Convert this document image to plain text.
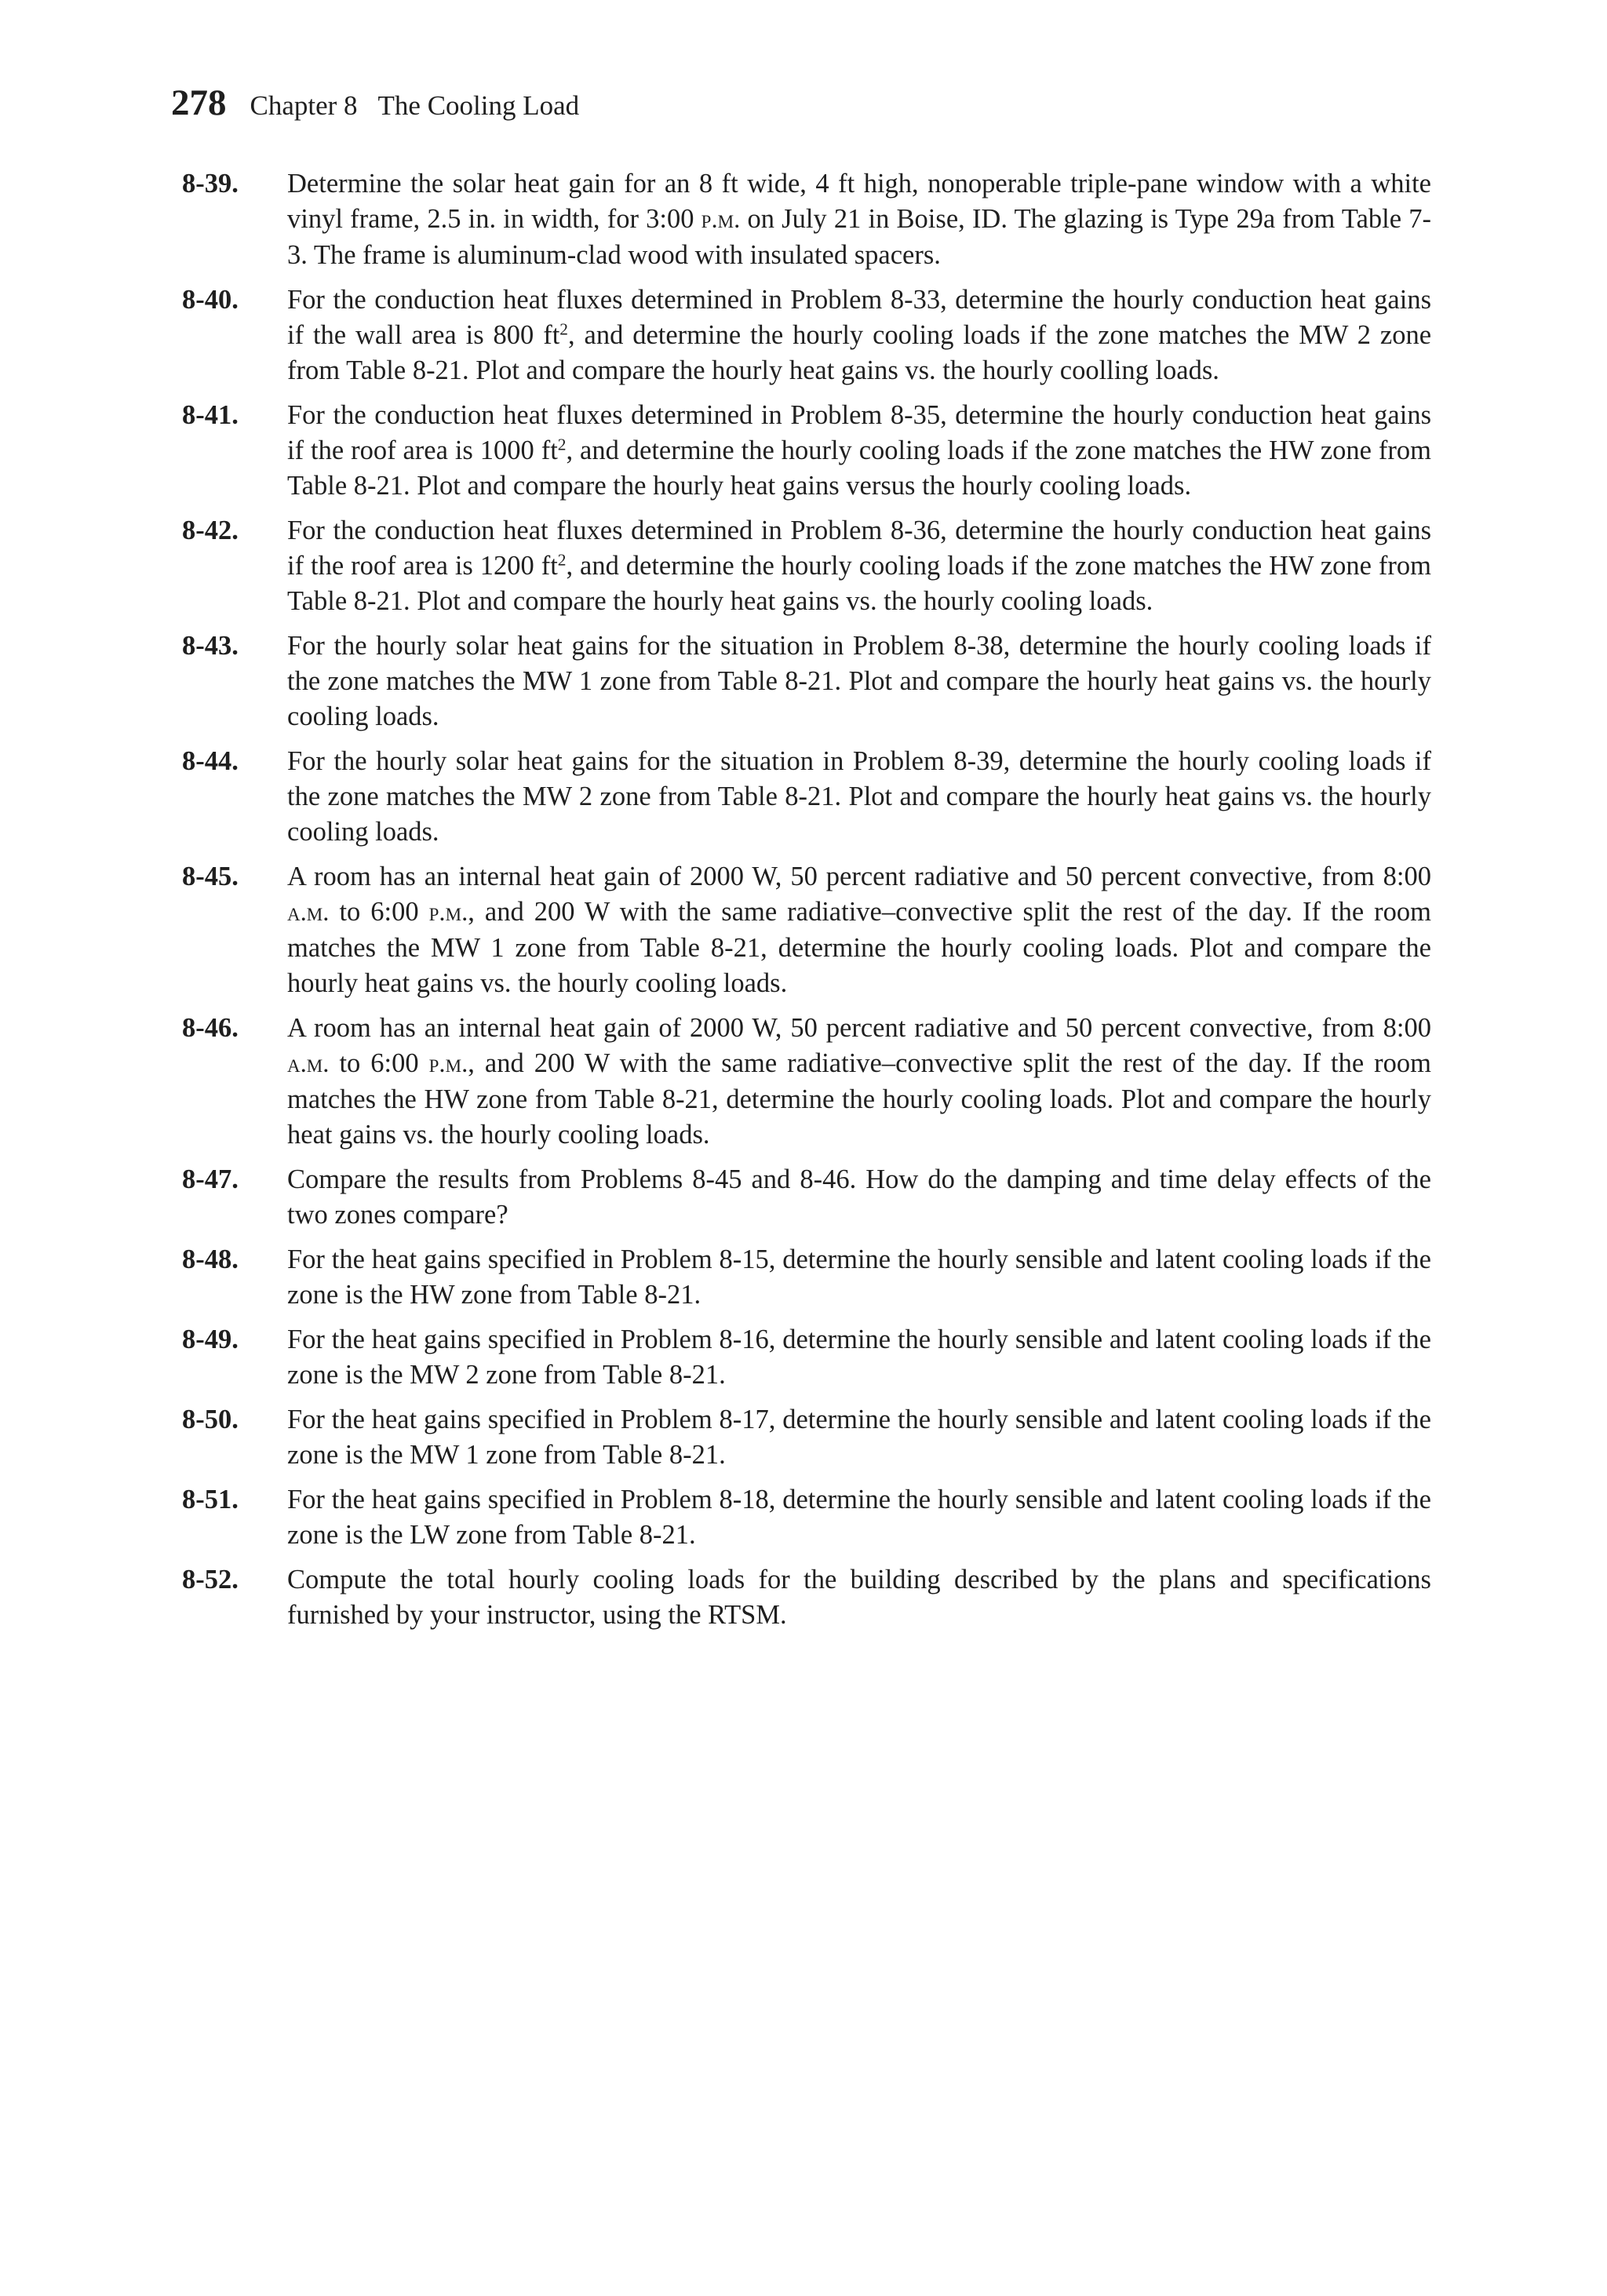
278 Chapter 8 The Cooling Load
8-39.	Determine the solar heat gain for an 8 ft wide, 4 ft high, nonoperable triple-pane window with a white vinyl frame, 2.5 in. in width, for 3:00 p.m. on July 21 in Boise, ID. The glazing is Type 29a from Table 7-3. The frame is aluminum-clad wood with insulated spacers.

8-40.	For the conduction heat fluxes determined in Problem 8-33, determine the hourly conduction heat gains if the wall area is 800 $ft^2$, and determine the hourly cooling loads if the zone matches the MW 2 zone from Table 8-21. Plot and compare the hourly heat gains vs. the hourly coolling loads.

8-41.	For the conduction heat fluxes determined in Problem 8-35, determine the hourly conduction heat gains if the roof area is 1000 $ft^2$, and determine the hourly cooling loads if the zone matches the HW zone from Table 8-21. Plot and compare the hourly heat gains versus the hourly cooling loads.

8-42.	For the conduction heat fluxes determined in Problem 8-36, determine the hourly conduction heat gains if the roof area is 1200 $ft^2$, and determine the hourly cooling loads if the zone matches the HW zone from Table 8-21. Plot and compare the hourly heat gains vs. the hourly cooling loads.

8-43.	For the hourly solar heat gains for the situation in Problem 8-38, determine the hourly cooling loads if the zone matches the MW 1 zone from Table 8-21. Plot and compare the hourly heat gains vs. the hourly cooling loads.

8-44.	For the hourly solar heat gains for the situation in Problem 8-39, determine the hourly cooling loads if the zone matches the MW 2 zone from Table 8-21. Plot and compare the hourly heat gains vs. the hourly cooling loads.

8-45.	A room has an internal heat gain of 2000 W, 50 percent radiative and 50 percent convective, from 8:00 a.m. to 6:00 p.m., and 200 W with the same radiative–convective split the rest of the day. If the room matches the MW 1 zone from Table 8-21, determine the hourly cooling loads. Plot and compare the hourly heat gains vs. the hourly cooling loads.

8-46.	A room has an internal heat gain of 2000 W, 50 percent radiative and 50 percent convective, from 8:00 a.m. to 6:00 p.m., and 200 W with the same radiative–convective split the rest of the day. If the room matches the HW zone from Table 8-21, determine the hourly cooling loads. Plot and compare the hourly heat gains vs. the hourly cooling loads.

8-47.	Compare the results from Problems 8-45 and 8-46. How do the damping and time delay effects of the two zones compare?

8-48.	For the heat gains specified in Problem 8-15, determine the hourly sensible and latent cooling loads if the zone is the HW zone from Table 8-21.

8-49.	For the heat gains specified in Problem 8-16, determine the hourly sensible and latent cooling loads if the zone is the MW 2 zone from Table 8-21.

8-50.	For the heat gains specified in Problem 8-17, determine the hourly sensible and latent cooling loads if the zone is the MW 1 zone from Table 8-21.

8-51.	For the heat gains specified in Problem 8-18, determine the hourly sensible and latent cooling loads if the zone is the LW zone from Table 8-21.

8-52.	Compute the total hourly cooling loads for the building described by the plans and specifications furnished by your instructor, using the RTSM.
